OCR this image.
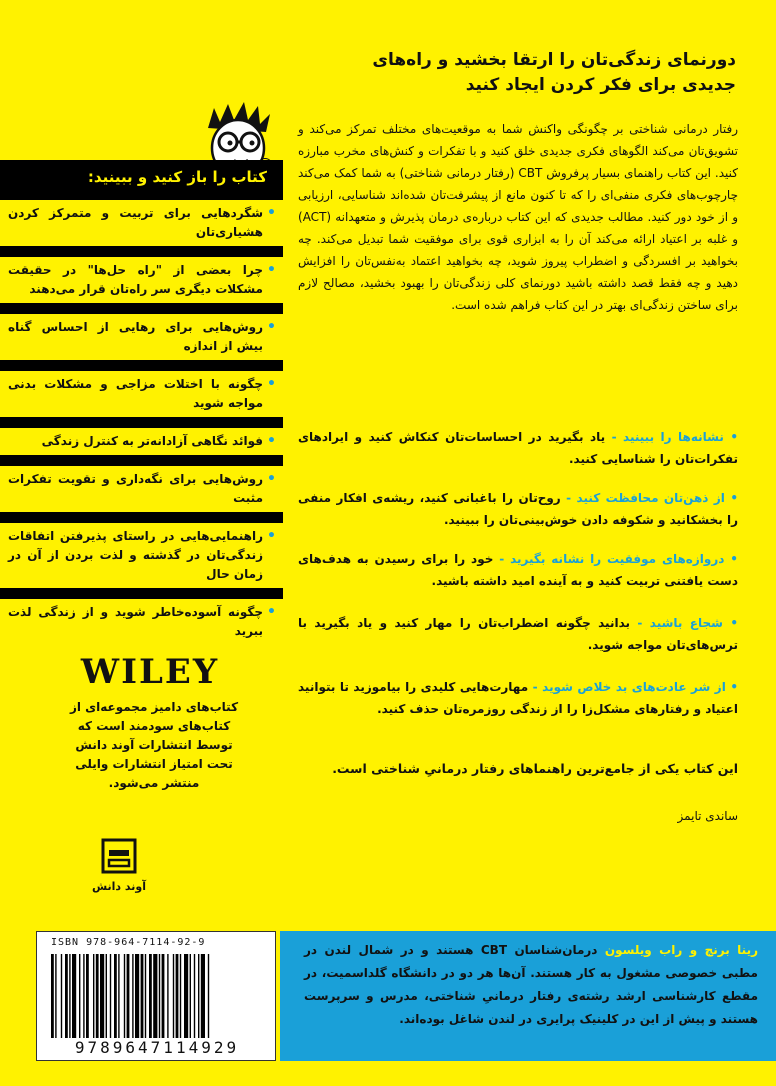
دورنمای زندگی‌تان را ارتقا بخشید و راه‌های جدیدی برای فکر کردن ایجاد کنید
رفتار درمانی شناختی بر چگونگی واکنش شما به موقعیت‌های مختلف تمرکز می‌کند و تشویق‌تان می‌کند الگوهای فکری جدیدی خلق کنید و با تفکرات و کنش‌های مخرب مبارزه کنید. این کتاب راهنمای بسیار پرفروش CBT (رفتار درمانی شناختی) به شما کمک می‌کند چارچوب‌های فکری منفی‌ای را که تا کنون مانع از پیشرفت‌تان شده‌اند شناسایی، ارزیابی و از خود دور کنید. مطالب جدیدی که این کتاب درباره‌ی درمان پذیرش و متعهدانه (ACT) و غلبه بر اعتیاد ارائه می‌کند آن را به ابزاری قوی برای موفقیت شما تبدیل می‌کند. چه بخواهید بر افسردگی و اضطراب پیروز شوید، چه بخواهید اعتماد به‌نفس‌تان را افزایش دهید و چه فقط قصد داشته باشید دورنمای کلی زندگی‌تان را بهبود بخشید، مصالح لازم برای ساختن زندگی‌ای بهتر در این کتاب فراهم شده است.
• نشانه‌ها را ببینید - یاد بگیرید در احساسات‌تان کنکاش کنید و ایرادهای تفکرات‌تان را شناسایی کنید.
• از ذهن‌تان محافظت کنید - روح‌تان را باغبانی کنید، ریشه‌ی افکار منفی را بخشکانید و شکوفه دادن خوش‌بینی‌تان را ببینید.
• دروازه‌های موفقیت را نشانه بگیرید - خود را برای رسیدن به هدف‌های دست یافتنی تربیت کنید و به آینده امید داشته باشید.
• شجاع باشید - بدانید چگونه اضطراب‌تان را مهار کنید و یاد بگیرید با ترس‌های‌تان مواجه شوید.
• از شر عادت‌های بد خلاص شوید - مهارت‌هایی کلیدی را بیاموزید تا بتوانید اعتیاد و رفتارهای مشکل‌زا را از زندگی روزمره‌تان حذف کنید.
این کتاب یکی از جامع‌ترین راهنماهای رفتار درمانیِ شناختی است.
ساندی تایمز
کتاب را باز کنید و ببینید:
• شگردهایی برای تربیت و متمرکز کردن هشیاری‌تان
• چرا بعضی از "راه حل‌ها" در حقیقت مشکلات دیگری سر راه‌تان قرار می‌دهند
• روش‌هایی برای رهایی از احساس گناه بیش از اندازه
• چگونه با اختلات مزاجی و مشکلات بدنی مواجه شوید
• فوائد نگاهی آزادانه‌تر به کنترل زندگی
• روش‌هایی برای نگه‌داری و تقویت تفکرات مثبت
• راهنمایی‌هایی در راستای پذیرفتن اتفاقات زندگی‌تان در گذشته و لذت بردن از آن در زمان حال
• چگونه آسوده‌خاطر شوید و از زندگی لذت ببرید
WILEY
کتاب‌های دامیز مجموعه‌ای از کتاب‌های سودمند است که توسط انتشارات آوند دانش تحت امتیاز انتشارات وایلی منتشر می‌شود.
آوند دانش
ISBN 978-964-7114-92-9
9789647114929
رینا برنچ و راب ویلسون درمان‌شناسان CBT هستند و در شمال لندن در مطبی خصوصی مشغول به کار هستند. آن‌ها هر دو در دانشگاه گلداسمیت، در مقطع کارشناسی ارشد رشته‌ی رفتار درمانیِ شناختی، مدرس و سرپرست هستند و پیش از این در کلینیک پرایری در لندن شاغل بوده‌اند.
